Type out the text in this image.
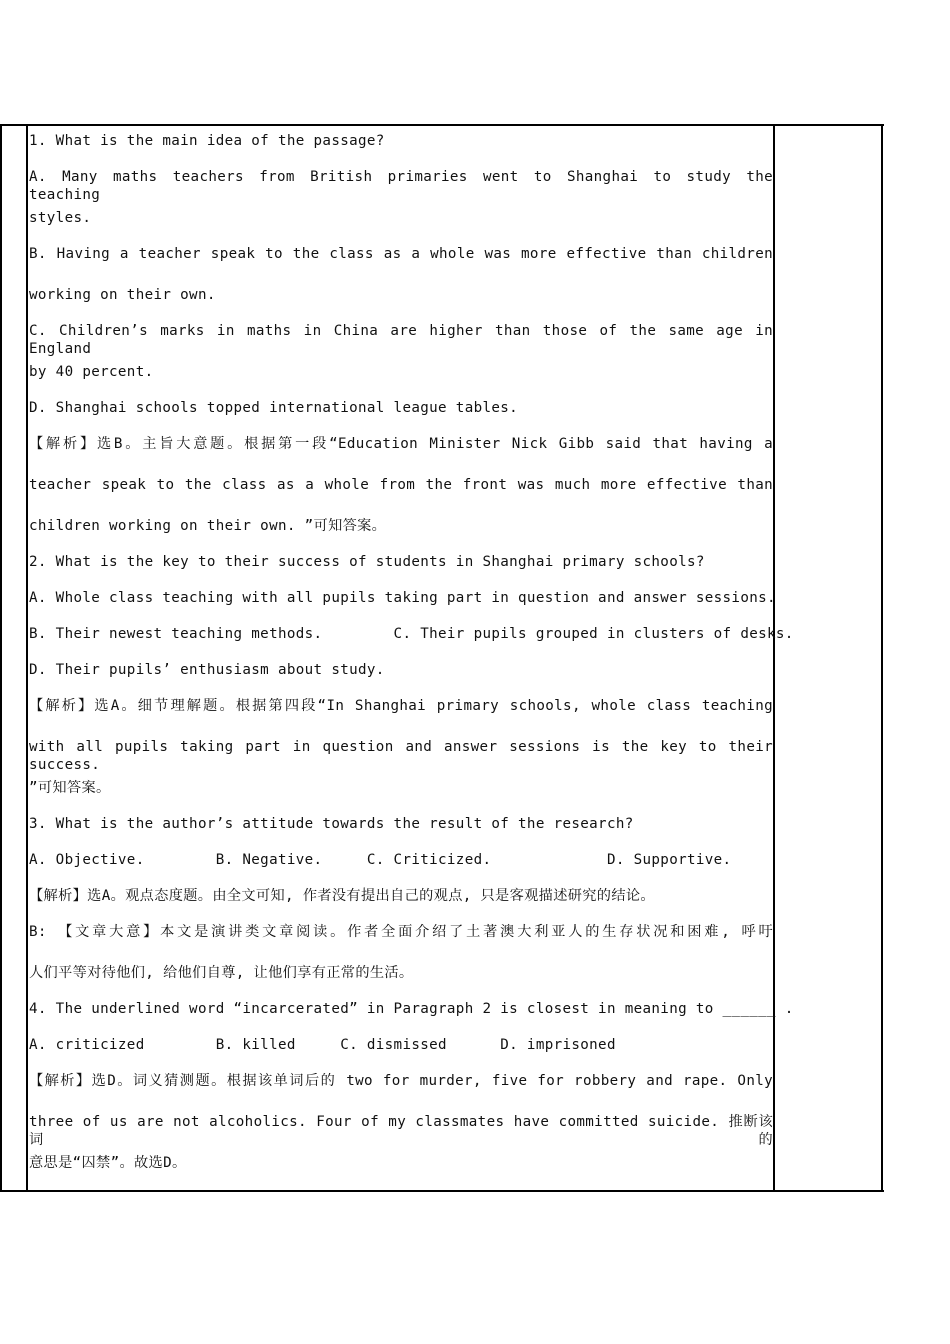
1. What is the main idea of the passage?
A. Many maths teachers from British primaries went to Shanghai to study the teaching
styles.
B. Having a teacher speak to the class as a whole was more effective than children
working on their own.
C. Children’s marks in maths in China are higher than those of the same age in England
by 40 percent.
D. Shanghai schools topped international league tables.
【解析】选B。主旨大意题。根据第一段“Education Minister Nick Gibb said that having a
teacher speak to the class as a whole from the front was much more effective than
children working on their own. ”可知答案。
2. What is the key to their success of students in Shanghai primary schools?
A. Whole class teaching with all pupils taking part in question and answer sessions.
B. Their newest teaching methods.        C. Their pupils grouped in clusters of desks.
D. Their pupils’ enthusiasm about study.
【解析】选A。细节理解题。根据第四段“In Shanghai primary schools, whole class teaching
with all pupils taking part in question and answer sessions is the key to their success.
”可知答案。
3. What is the author’s attitude towards the result of the research?
A. Objective.        B. Negative.     C. Criticized.             D. Supportive.
【解析】选A。观点态度题。由全文可知, 作者没有提出自己的观点, 只是客观描述研究的结论。
B: 【文章大意】本文是演讲类文章阅读。作者全面介绍了土著澳大利亚人的生存状况和困难, 呼吁
人们平等对待他们, 给他们自尊, 让他们享有正常的生活。
4. The underlined word “incarcerated” in Paragraph 2 is closest in meaning to ______ .
A. criticized        B. killed     C. dismissed      D. imprisoned
【解析】选D。词义猜测题。根据该单词后的 two for murder, five for robbery and rape. Only
three of us are not alcoholics. Four of my classmates have committed suicide. 推断该词的
意思是“囚禁”。故选D。
